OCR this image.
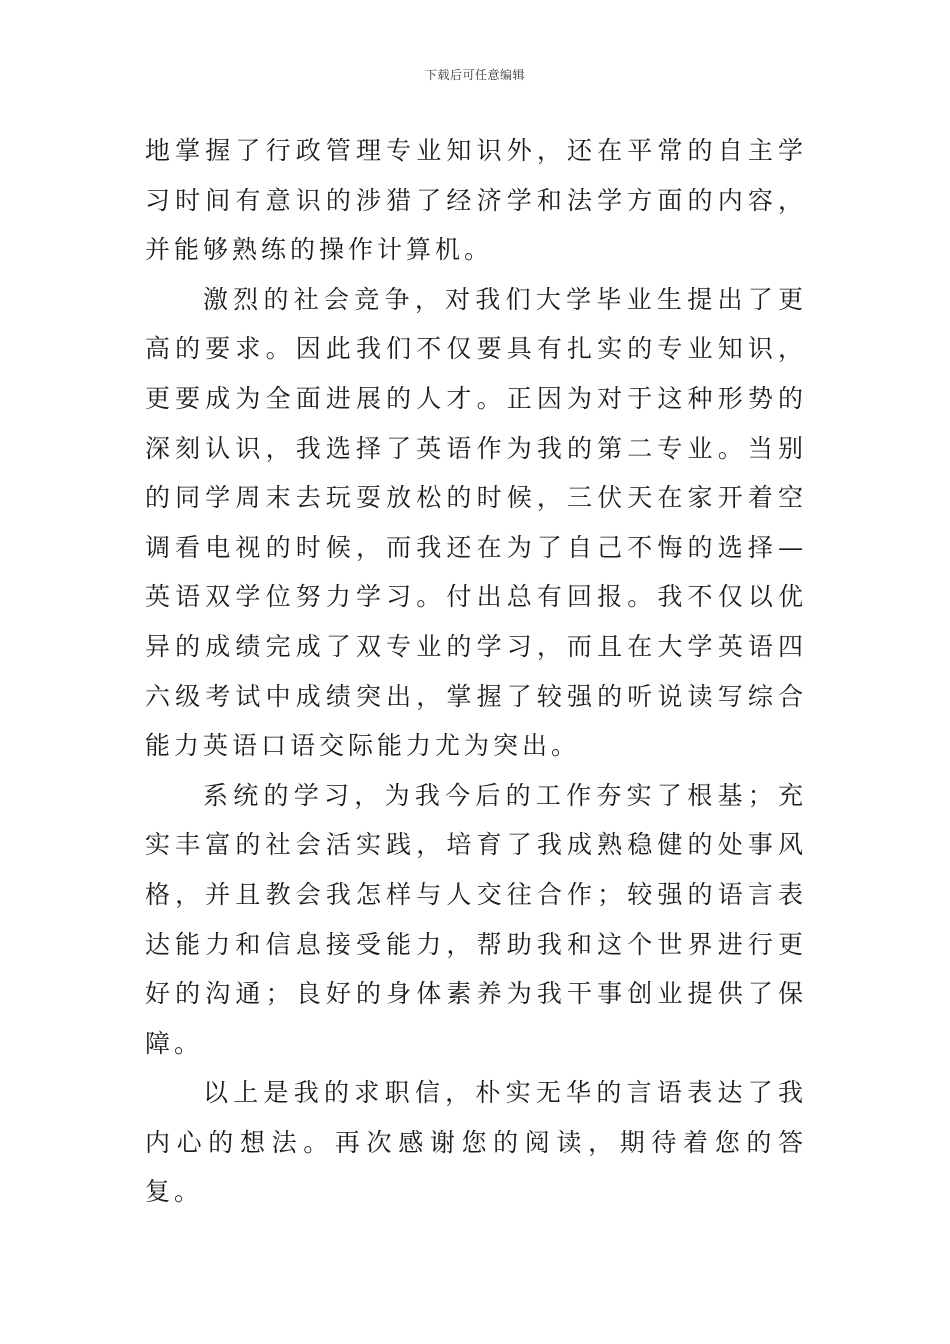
下载后可任意编辑

地掌握了行政管理专业知识外，还在平常的自主学习时间有意识的涉猎了经济学和法学方面的内容，并能够熟练的操作计算机。

激烈的社会竞争，对我们大学毕业生提出了更高的要求。因此我们不仅要具有扎实的专业知识，更要成为全面进展的人才。正因为对于这种形势的深刻认识，我选择了英语作为我的第二专业。当别的同学周末去玩耍放松的时候，三伏天在家开着空调看电视的时候，而我还在为了自己不悔的选择—英语双学位努力学习。付出总有回报。我不仅以优异的成绩完成了双专业的学习，而且在大学英语四六级考试中成绩突出，掌握了较强的听说读写综合能力英语口语交际能力尤为突出。

系统的学习，为我今后的工作夯实了根基；充实丰富的社会活实践，培育了我成熟稳健的处事风格，并且教会我怎样与人交往合作；较强的语言表达能力和信息接受能力，帮助我和这个世界进行更好的沟通；良好的身体素养为我干事创业提供了保障。

以上是我的求职信，朴实无华的言语表达了我内心的想法。再次感谢您的阅读，期待着您的答复。
